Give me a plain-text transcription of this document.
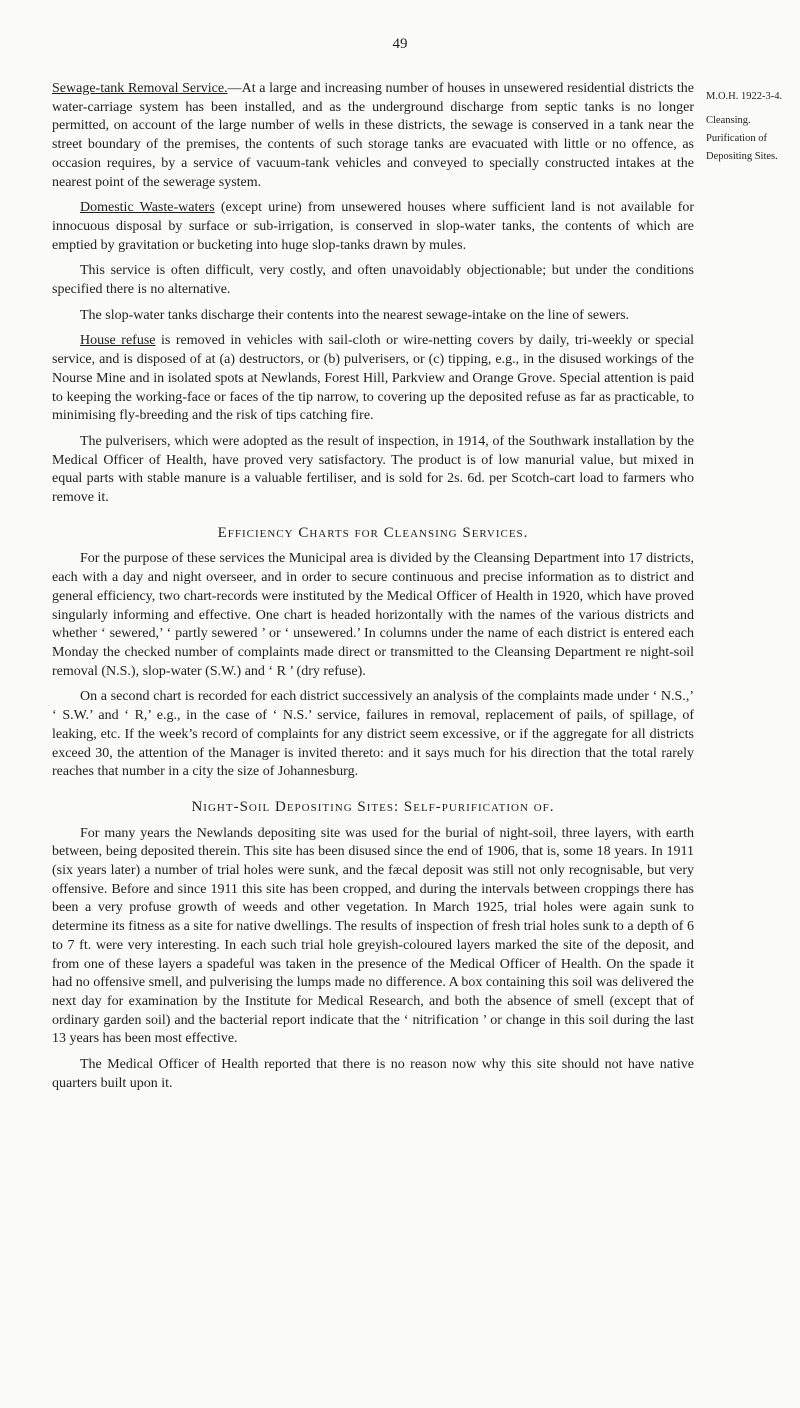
49
M.O.H. 1922-3-4.
Cleansing.
Purification of
Depositing Sites.

Sewage-tank Removal Service.—At a large and increasing number of houses in unsewered residential districts the water-carriage system has been installed, and as the underground discharge from septic tanks is no longer permitted, on account of the large number of wells in these districts, the sewage is conserved in a tank near the street boundary of the premises, the contents of such storage tanks are evacuated with little or no offence, as occasion requires, by a service of vacuum-tank vehicles and conveyed to specially constructed intakes at the nearest point of the sewerage system.

Domestic Waste-waters (except urine) from unsewered houses where sufficient land is not available for innocuous disposal by surface or sub-irrigation, is conserved in slop-water tanks, the contents of which are emptied by gravitation or bucketing into huge slop-tanks drawn by mules.

This service is often difficult, very costly, and often unavoidably objectionable; but under the conditions specified there is no alternative.

The slop-water tanks discharge their contents into the nearest sewage-intake on the line of sewers.

House refuse is removed in vehicles with sail-cloth or wire-netting covers by daily, tri-weekly or special service, and is disposed of at (a) destructors, or (b) pulverisers, or (c) tipping, e.g., in the disused workings of the Nourse Mine and in isolated spots at Newlands, Forest Hill, Parkview and Orange Grove. Special attention is paid to keeping the working-face or faces of the tip narrow, to covering up the deposited refuse as far as practicable, to minimising fly-breeding and the risk of tips catching fire.

The pulverisers, which were adopted as the result of inspection, in 1914, of the Southwark installation by the Medical Officer of Health, have proved very satisfactory. The product is of low manurial value, but mixed in equal parts with stable manure is a valuable fertiliser, and is sold for 2s. 6d. per Scotch-cart load to farmers who remove it.

Efficiency Charts for Cleansing Services.

For the purpose of these services the Municipal area is divided by the Cleansing Department into 17 districts, each with a day and night overseer, and in order to secure continuous and precise information as to district and general efficiency, two chart-records were instituted by the Medical Officer of Health in 1920, which have proved singularly informing and effective. One chart is headed horizontally with the names of the various districts and whether ‘ sewered,’ ‘ partly sewered ’ or ‘ unsewered.’ In columns under the name of each district is entered each Monday the checked number of complaints made direct or transmitted to the Cleansing Department re night-soil removal (N.S.), slop-water (S.W.) and ‘ R ’ (dry refuse).

On a second chart is recorded for each district successively an analysis of the complaints made under ‘ N.S.,’ ‘ S.W.’ and ‘ R,’ e.g., in the case of ‘ N.S.’ service, failures in removal, replacement of pails, of spillage, of leaking, etc. If the week’s record of complaints for any district seem excessive, or if the aggregate for all districts exceed 30, the attention of the Manager is invited thereto: and it says much for his direction that the total rarely reaches that number in a city the size of Johannesburg.

Night-Soil Depositing Sites: Self-purification of.

For many years the Newlands depositing site was used for the burial of night-soil, three layers, with earth between, being deposited therein. This site has been disused since the end of 1906, that is, some 18 years. In 1911 (six years later) a number of trial holes were sunk, and the fæcal deposit was still not only recognisable, but very offensive. Before and since 1911 this site has been cropped, and during the intervals between croppings there has been a very profuse growth of weeds and other vegetation. In March 1925, trial holes were again sunk to determine its fitness as a site for native dwellings. The results of inspection of fresh trial holes sunk to a depth of 6 to 7 ft. were very interesting. In each such trial hole greyish-coloured layers marked the site of the deposit, and from one of these layers a spadeful was taken in the presence of the Medical Officer of Health. On the spade it had no offensive smell, and pulverising the lumps made no difference. A box containing this soil was delivered the next day for examination by the Institute for Medical Research, and both the absence of smell (except that of ordinary garden soil) and the bacterial report indicate that the ‘ nitrification ’ or change in this soil during the last 13 years has been most effective.

The Medical Officer of Health reported that there is no reason now why this site should not have native quarters built upon it.
